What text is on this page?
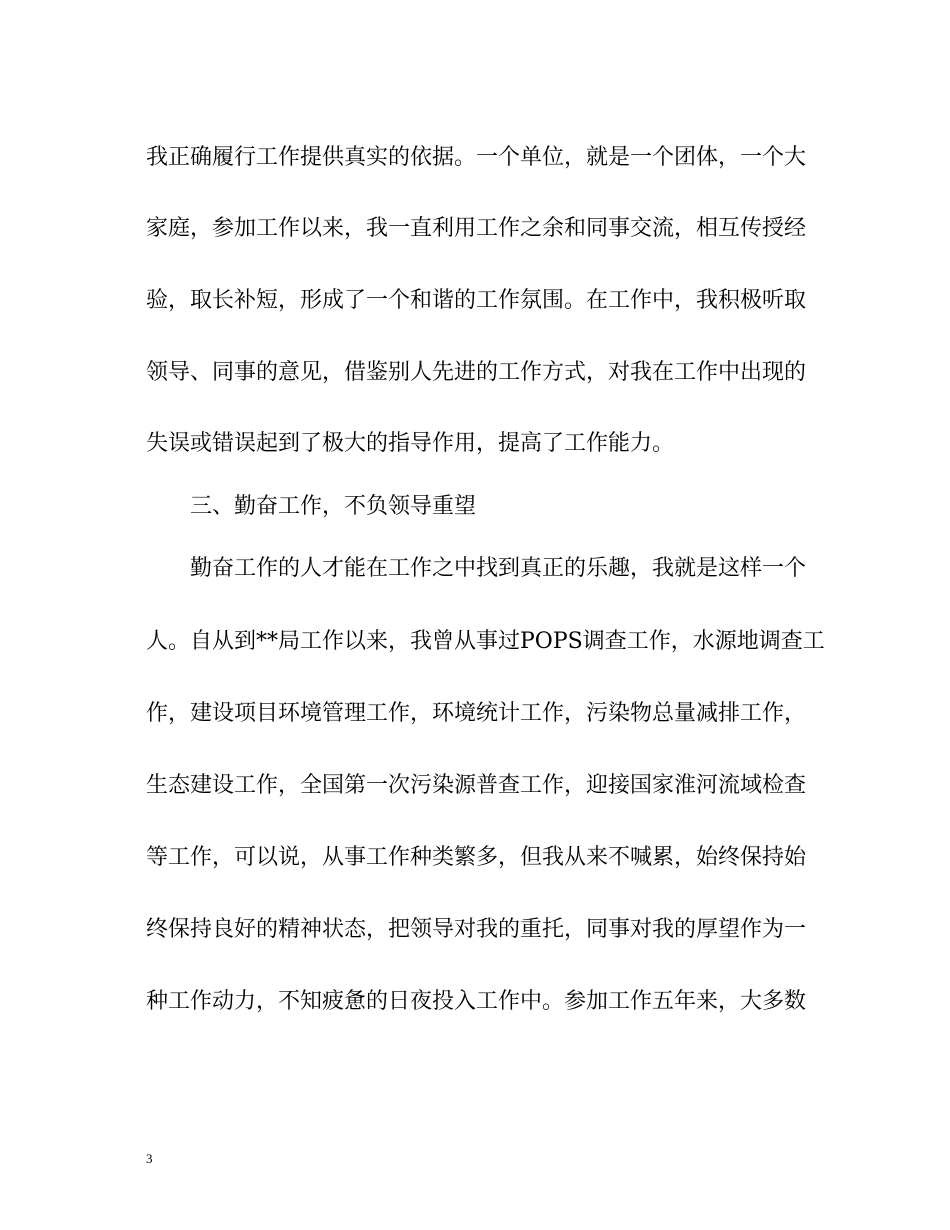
我正确履行工作提供真实的依据。一个单位，就是一个团体，一个大
家庭，参加工作以来，我一直利用工作之余和同事交流，相互传授经
验，取长补短，形成了一个和谐的工作氛围。在工作中，我积极听取
领导、同事的意见，借鉴别人先进的工作方式，对我在工作中出现的
失误或错误起到了极大的指导作用，提高了工作能力。
三、勤奋工作，不负领导重望
勤奋工作的人才能在工作之中找到真正的乐趣，我就是这样一个
人。自从到**局工作以来，我曾从事过POPS调查工作，水源地调查工
作，建设项目环境管理工作，环境统计工作，污染物总量减排工作，
生态建设工作，全国第一次污染源普查工作，迎接国家淮河流域检查
等工作，可以说，从事工作种类繁多，但我从来不喊累，始终保持始
终保持良好的精神状态，把领导对我的重托，同事对我的厚望作为一
种工作动力，不知疲惫的日夜投入工作中。参加工作五年来，大多数
3
